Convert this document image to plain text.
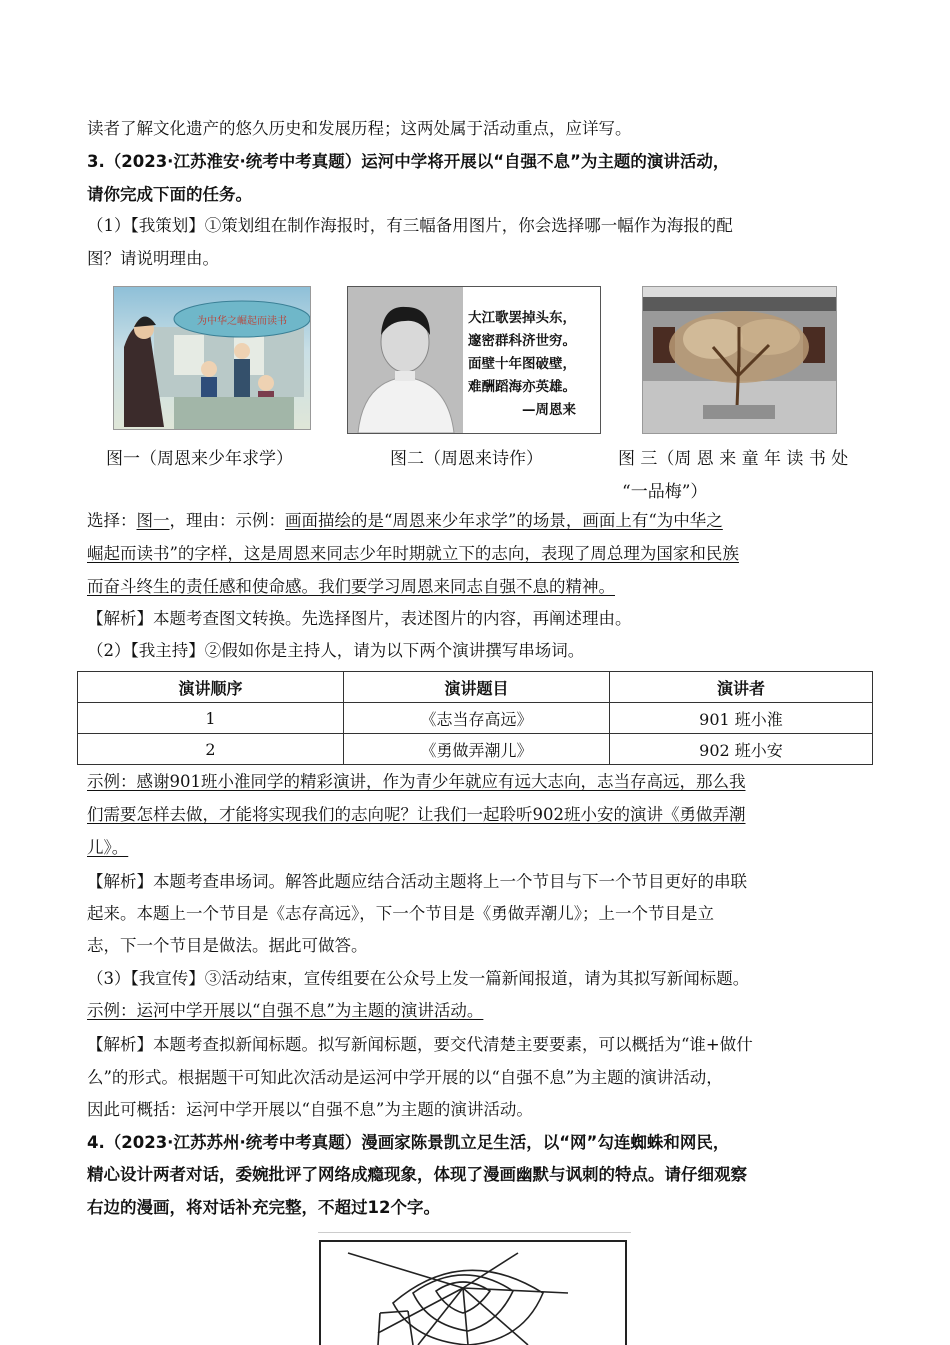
读者了解文化遗产的悠久历史和发展历程；这两处属于活动重点，应详写。
3.（2023·江苏淮安·统考中考真题）运河中学将开展以“自强不息”为主题的演讲活动，
请你完成下面的任务。
（1）【我策划】①策划组在制作海报时，有三幅备用图片，你会选择哪一幅作为海报的配
图？请说明理由。
为中华之崛起而读书
图一（周恩来少年求学）
大江歌罢掉头东，
邃密群科济世穷。
面壁十年图破壁，
难酬蹈海亦英雄。
—周恩来
图二（周恩来诗作）	图 三（周 恩 来 童 年 读 书 处
“一品梅”）
选择：图一，理由：示例：画面描绘的是“周恩来少年求学”的场景，画面上有“为中华之
崛起而读书”的字样，这是周恩来同志少年时期就立下的志向，表现了周总理为国家和民族
而奋斗终生的责任感和使命感。我们要学习周恩来同志自强不息的精神。
【解析】本题考查图文转换。先选择图片，表述图片的内容，再阐述理由。
（2）【我主持】②假如你是主持人，请为以下两个演讲撰写串场词。
演讲顺序	演讲题目	演讲者
1	《志当存高远》	901 班小淮
2	《勇做弄潮儿》	902 班小安
示例：感谢901班小淮同学的精彩演讲，作为青少年就应有远大志向，志当存高远，那么我
们需要怎样去做，才能将实现我们的志向呢？让我们一起聆听902班小安的演讲《勇做弄潮
儿》。
【解析】本题考查串场词。解答此题应结合活动主题将上一个节目与下一个节目更好的串联
起来。本题上一个节目是《志存高远》，下一个节目是《勇做弄潮儿》；上一个节目是立
志，下一个节目是做法。据此可做答。
（3）【我宣传】③活动结束，宣传组要在公众号上发一篇新闻报道，请为其拟写新闻标题。
示例：运河中学开展以“自强不息”为主题的演讲活动。
【解析】本题考查拟新闻标题。拟写新闻标题，要交代清楚主要要素，可以概括为“谁+做什
么”的形式。根据题干可知此次活动是运河中学开展的以“自强不息”为主题的演讲活动，
因此可概括：运河中学开展以“自强不息”为主题的演讲活动。
4.（2023·江苏苏州·统考中考真题）漫画家陈景凯立足生活，以“网”勾连蜘蛛和网民，
精心设计两者对话，委婉批评了网络成瘾现象，体现了漫画幽默与讽刺的特点。请仔细观察
右边的漫画，将对话补充完整，不超过12个字。
